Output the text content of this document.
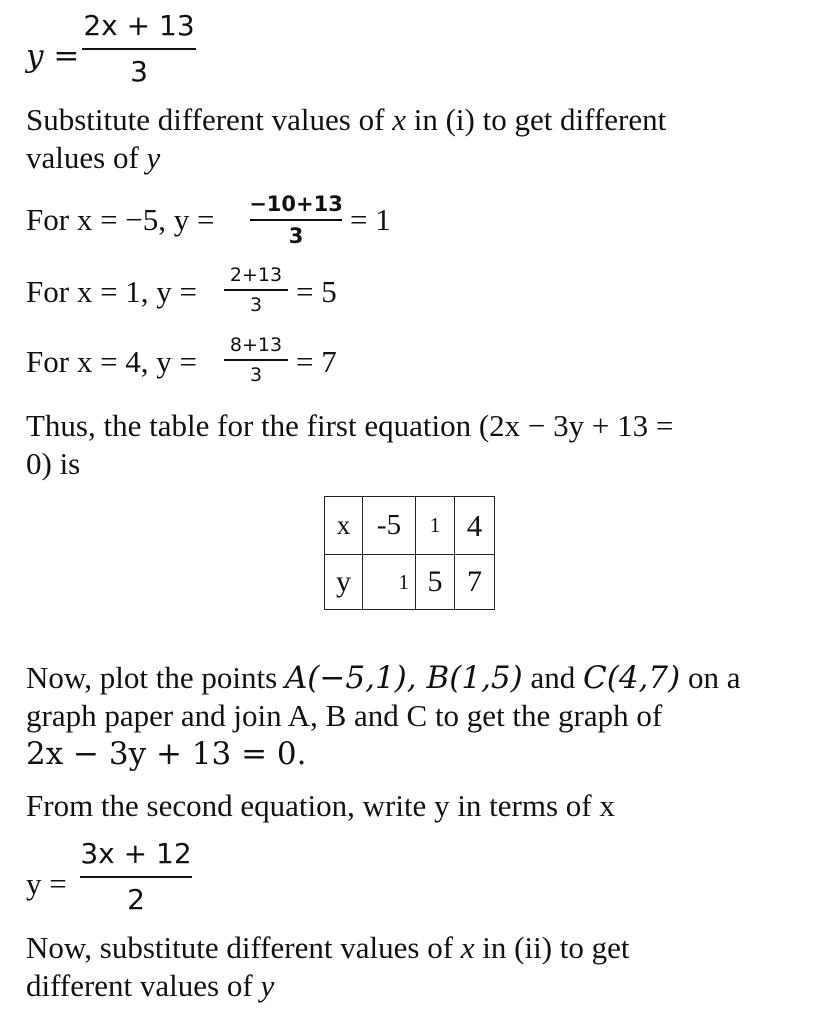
y =
2x + 13
3
Substitute different values of x in (i) to get different
values of y
For x = −5, y = −10+13
3 = 1
For x = 1, y = 2+13
3 = 5
For x = 4, y = 8+13
3 = 7
Thus, the table for the first equation (2x − 3y + 13 =
0) is
x	-5	1	4
y	1	5	7
Now, plot the points A(−5,1), B(1,5) and C(4,7) on a
graph paper and join A, B and C to get the graph of
2x − 3y + 13 = 0.
From the second equation, write y in terms of x
y =
3x + 12
2
Now, substitute different values of x in (ii) to get
different values of y
